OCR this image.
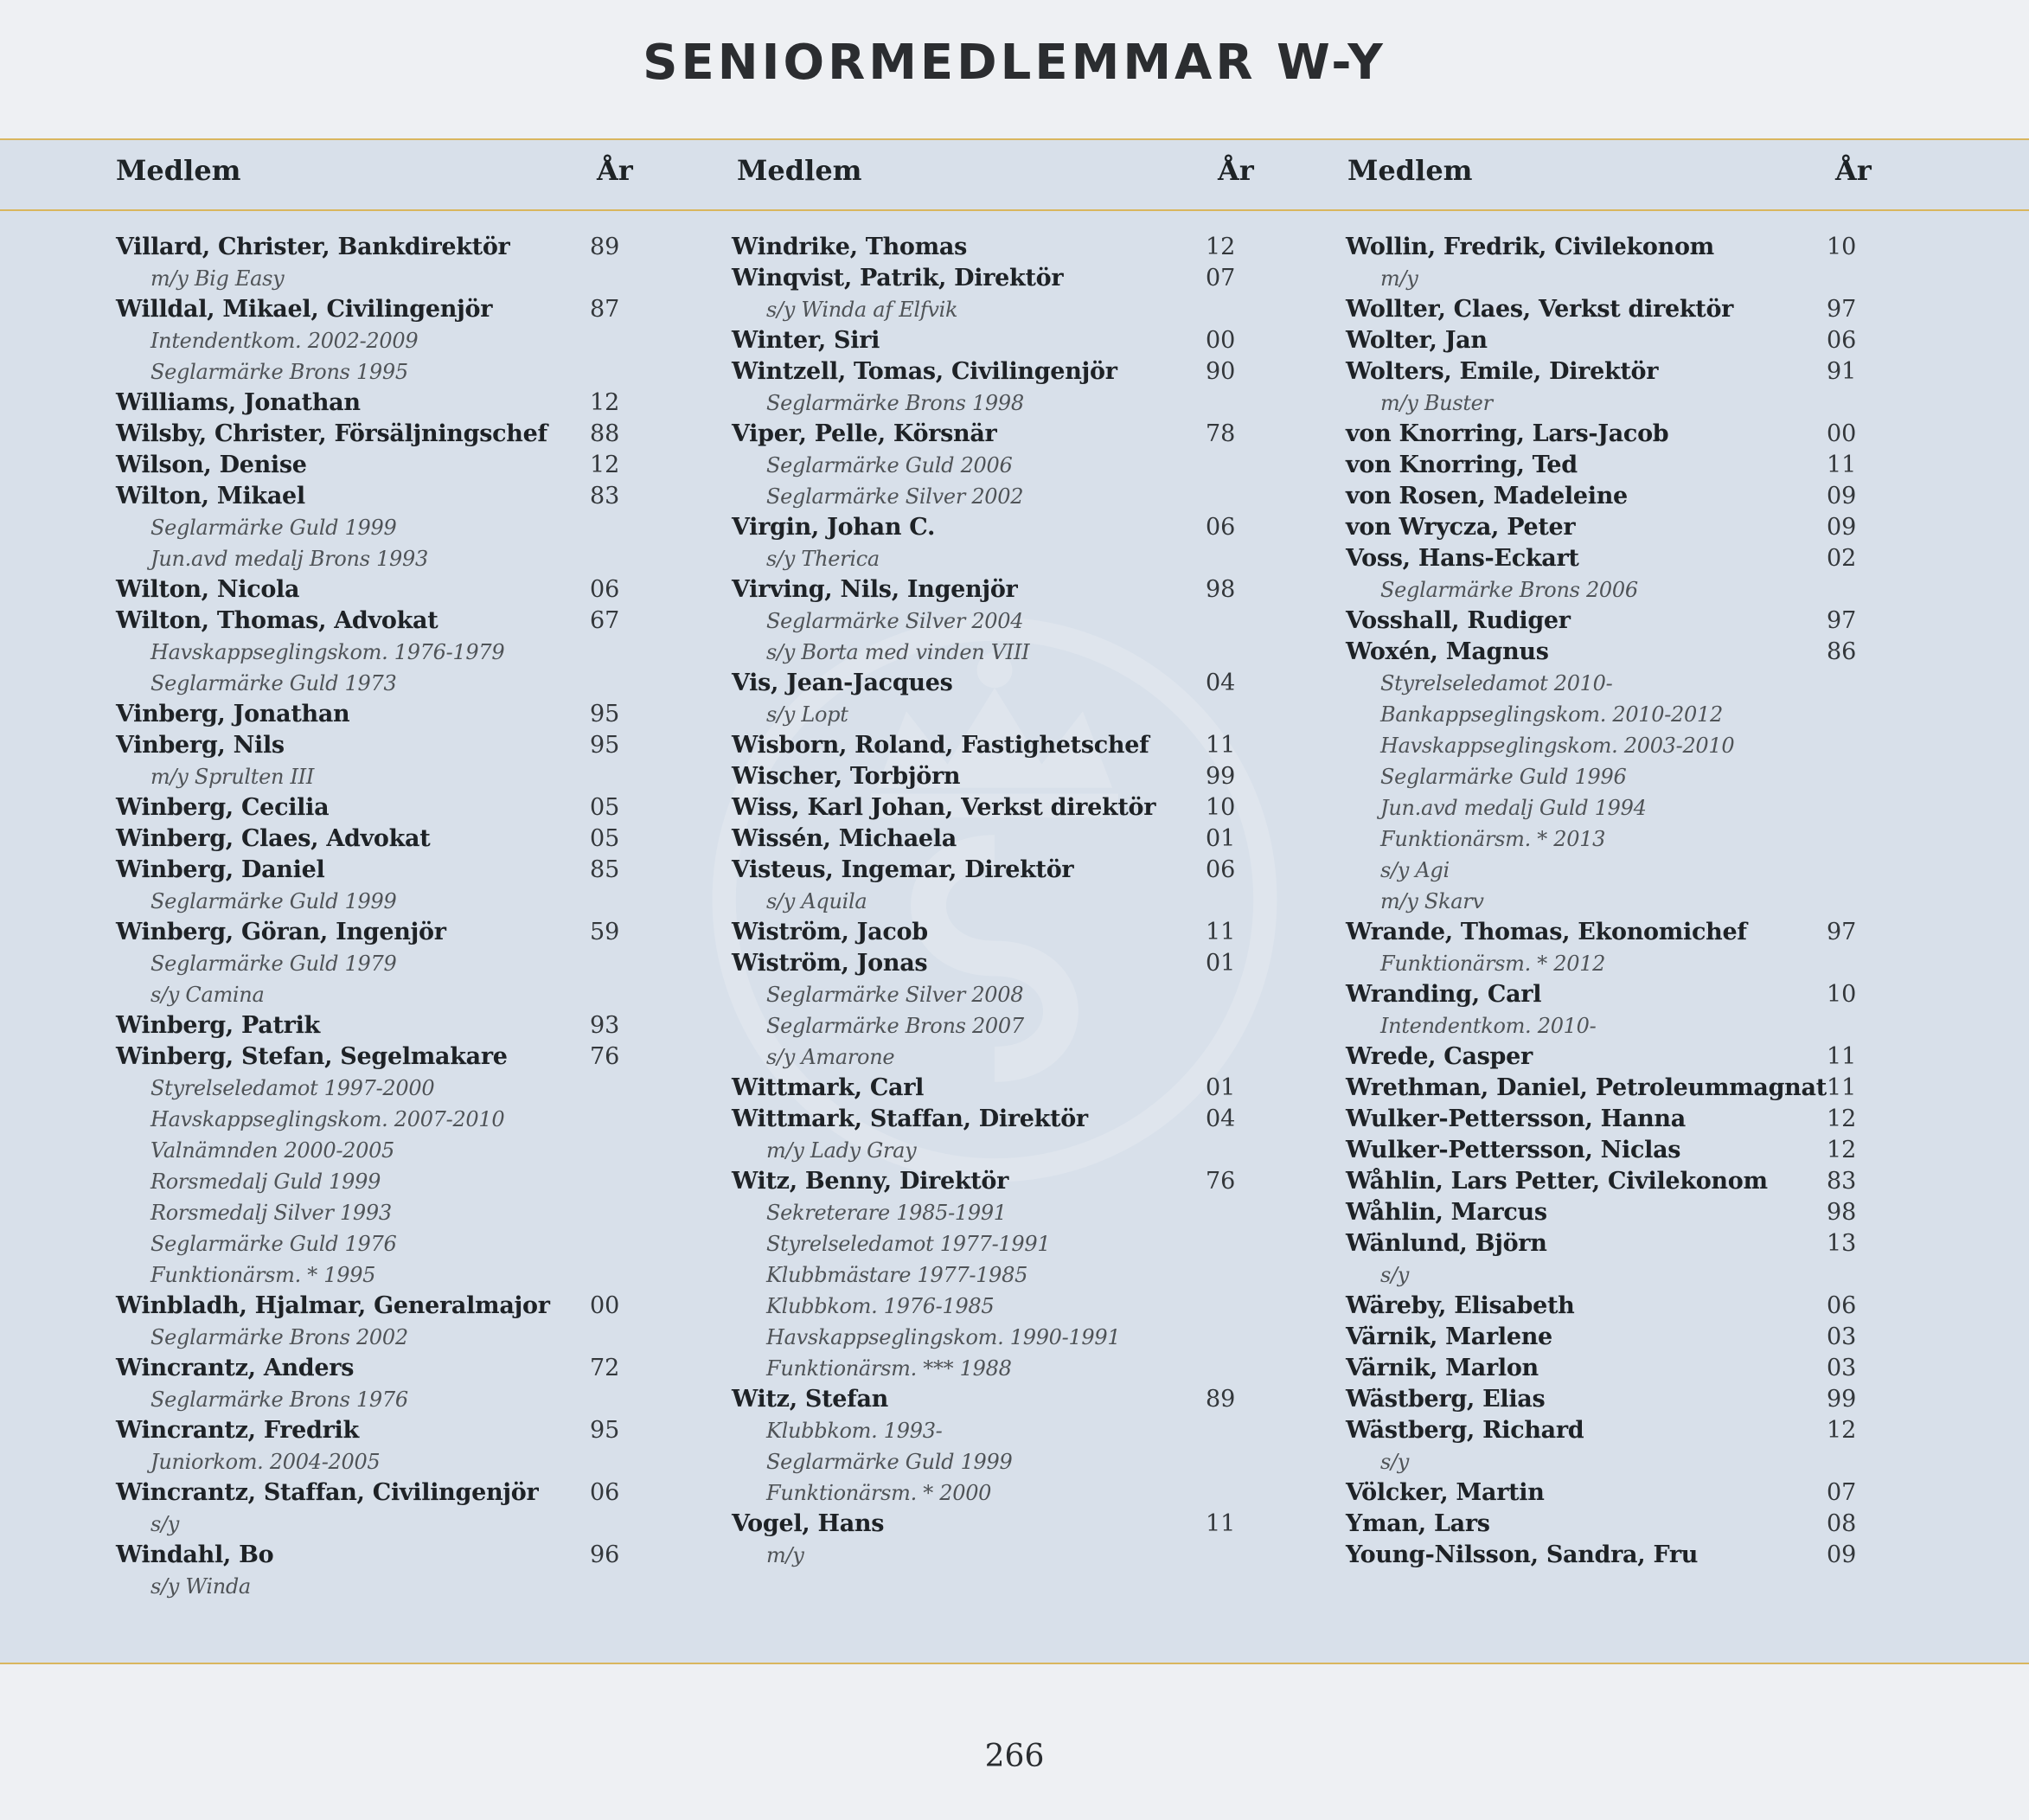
SENIORMEDLEMMAR W-Y
Medlem	År	Medlem	År	Medlem	År
Villard, Christer, Bankdirektör	89
m/y Big Easy
Willdal, Mikael, Civilingenjör	87
Intendentkom. 2002-2009
Seglarmärke Brons 1995
Williams, Jonathan	12
Wilsby, Christer, Försäljningschef 88
Wilson, Denise	12
Wilton, Mikael	83
Seglarmärke Guld 1999
Jun.avd medalj Brons 1993
Wilton, Nicola	06
Wilton, Thomas, Advokat	67
Havskappseglingskom. 1976-1979
Seglarmärke Guld 1973
Vinberg, Jonathan	95
Vinberg, Nils	95
m/y Sprulten III
Winberg, Cecilia	05
Winberg, Claes, Advokat	05
Winberg, Daniel	85
Seglarmärke Guld 1999
Winberg, Göran, Ingenjör	59
Seglarmärke Guld 1979
s/y Camina
Winberg, Patrik	93
Winberg, Stefan, Segelmakare	76
Styrelseledamot 1997-2000
Havskappseglingskom. 2007-2010
Valnämnden 2000-2005
Rorsmedalj Guld 1999
Rorsmedalj Silver 1993
Seglarmärke Guld 1976
Funktionärsm. * 1995
Winbladh, Hjalmar, Generalmajor 00
Seglarmärke Brons 2002
Wincrantz, Anders	72
Seglarmärke Brons 1976
Wincrantz, Fredrik	95
Juniorkom. 2004-2005
Wincrantz, Staffan, Civilingenjör 06
s/y
Windahl, Bo	96
s/y Winda
Windrike, Thomas	12
Winqvist, Patrik, Direktör	07
s/y Winda af Elfvik
Winter, Siri	00
Wintzell, Tomas, Civilingenjör	90
Seglarmärke Brons 1998
Viper, Pelle, Körsnär	78
Seglarmärke Guld 2006
Seglarmärke Silver 2002
Virgin, Johan C.	06
s/y Therica
Virving, Nils, Ingenjör	98
Seglarmärke Silver 2004
s/y Borta med vinden VIII
Vis, Jean-Jacques	04
s/y Lopt
Wisborn, Roland, Fastighetschef 11
Wischer, Torbjörn	99
Wiss, Karl Johan, Verkst direktör 10
Wissén, Michaela	01
Visteus, Ingemar, Direktör	06
s/y Aquila
Wiström, Jacob	11
Wiström, Jonas	01
Seglarmärke Silver 2008
Seglarmärke Brons 2007
s/y Amarone
Wittmark, Carl	01
Wittmark, Staffan, Direktör	04
m/y Lady Gray
Witz, Benny, Direktör	76
Sekreterare 1985-1991
Styrelseledamot 1977-1991
Klubbmästare 1977-1985
Klubbkom. 1976-1985
Havskappseglingskom. 1990-1991
Funktionärsm. *** 1988
Witz, Stefan	89
Klubbkom. 1993-
Seglarmärke Guld 1999
Funktionärsm. * 2000
Vogel, Hans	11
m/y
Wollin, Fredrik, Civilekonom	10
m/y
Wollter, Claes, Verkst direktör	97
Wolter, Jan	06
Wolters, Emile, Direktör	91
m/y Buster
von Knorring, Lars-Jacob	00
von Knorring, Ted	11
von Rosen, Madeleine	09
von Wrycza, Peter	09
Voss, Hans-Eckart	02
Seglarmärke Brons 2006
Vosshall, Rudiger	97
Woxén, Magnus	86
Styrelseledamot 2010-
Bankappseglingskom. 2010-2012
Havskappseglingskom. 2003-2010
Seglarmärke Guld 1996
Jun.avd medalj Guld 1994
Funktionärsm. * 2013
s/y Agi
m/y Skarv
Wrande, Thomas, Ekonomichef	97
Funktionärsm. * 2012
Wranding, Carl	10
Intendentkom. 2010-
Wrede, Casper	11
Wrethman, Daniel, Petroleummagnat 11
Wulker-Pettersson, Hanna	12
Wulker-Pettersson, Niclas	12
Wåhlin, Lars Petter, Civilekonom	83
Wåhlin, Marcus	98
Wänlund, Björn	13
s/y
Wäreby, Elisabeth	06
Värnik, Marlene	03
Värnik, Marlon	03
Wästberg, Elias	99
Wästberg, Richard	12
s/y
Völcker, Martin	07
Yman, Lars	08
Young-Nilsson, Sandra, Fru	09
266
